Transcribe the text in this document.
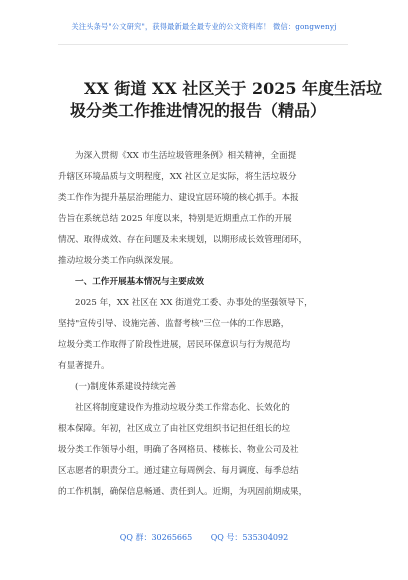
关注头条号"公文研究"，获得最新最全最专业的公文资料库！ 微信：gongwenyj
XX 街道 XX 社区关于 2025 年度生活垃
圾分类工作推进情况的报告（精品）
为深入贯彻《XX 市生活垃圾管理条例》相关精神，全面提
升辖区环境品质与文明程度，XX 社区立足实际，将生活垃圾分
类工作作为提升基层治理能力、建设宜居环境的核心抓手。本报
告旨在系统总结 2025 年度以来，特别是近期重点工作的开展
情况、取得成效、存在问题及未来规划，以期形成长效管理闭环，
推动垃圾分类工作向纵深发展。
一、工作开展基本情况与主要成效
2025 年，XX 社区在 XX 街道党工委、办事处的坚强领导下，
坚持"宣传引导、设施完善、监督考核"三位一体的工作思路，
垃圾分类工作取得了阶段性进展，居民环保意识与行为规范均
有显著提升。
(一)制度体系建设持续完善
社区将制度建设作为推动垃圾分类工作常态化、长效化的
根本保障。年初，社区成立了由社区党组织书记担任组长的垃
圾分类工作领导小组，明确了各网格员、楼栋长、物业公司及社
区志愿者的职责分工。通过建立每周例会、每月调度、每季总结
的工作机制，确保信息畅通、责任到人。近期，为巩固前期成果，
QQ 群：30265665 QQ 号：535304092
